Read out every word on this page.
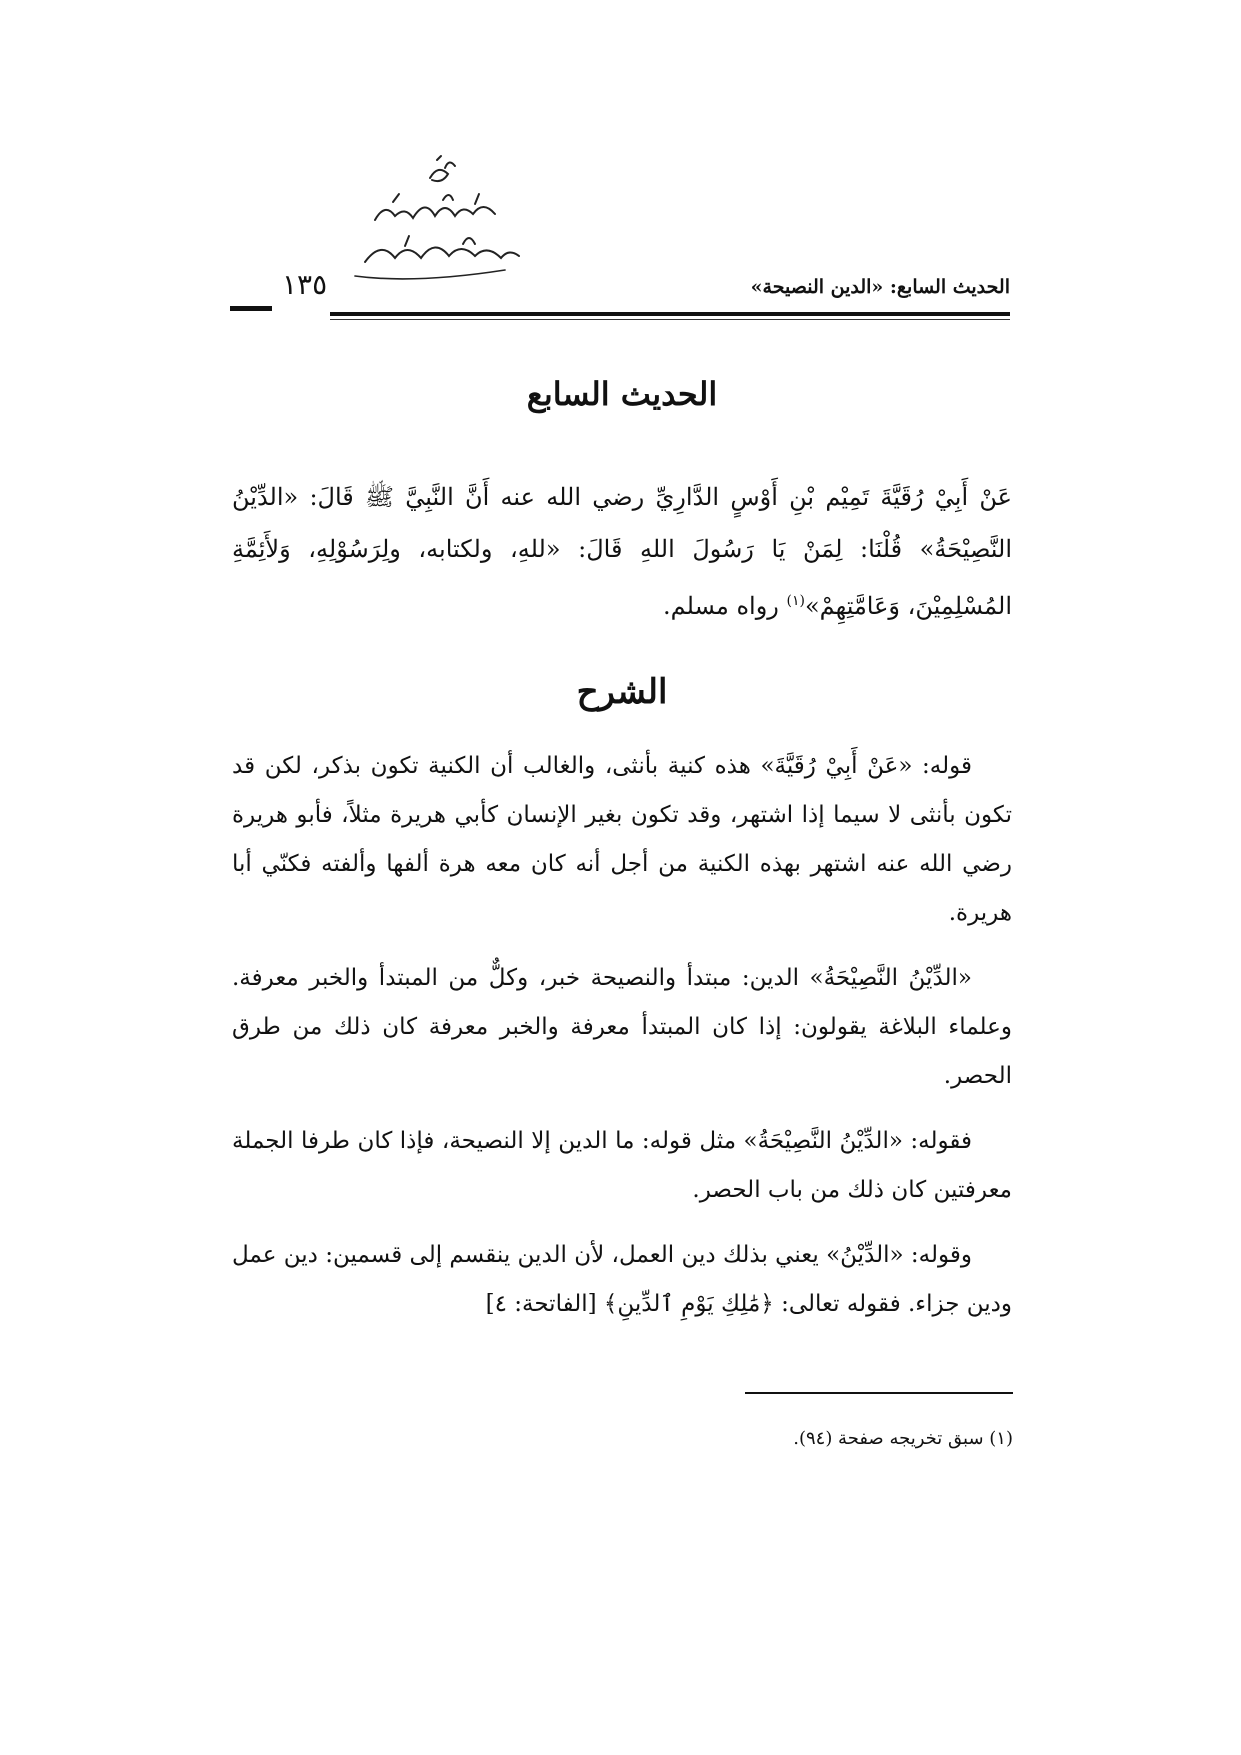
١٣٥	الحديث السابع: «الدين النصيحة»
الحديث السابع

عَنْ أَبِيْ رُقَيَّةَ تَمِيْم بْنِ أَوْسٍ الدَّارِيِّ رضي الله عنه أَنَّ النَّبِيَّ ﷺ قَالَ: «الدِّيْنُ النَّصِيْحَةُ» قُلْنَا: لِمَنْ يَا رَسُولَ اللهِ قَالَ: «للهِ، ولكتابه، ولِرَسُوْلِهِ، وَلأَئِمَّةِ المُسْلِمِيْنَ، وَعَامَّتِهِمْ»$^{(١)}$ رواه مسلم.

الشرح

قوله: «عَنْ أَبِيْ رُقَيَّةَ» هذه كنية بأنثى، والغالب أن الكنية تكون بذكر، لكن قد تكون بأنثى لا سيما إذا اشتهر، وقد تكون بغير الإنسان كأبي هريرة مثلاً، فأبو هريرة رضي الله عنه اشتهر بهذه الكنية من أجل أنه كان معه هرة ألفها وألفته فكنّي أبا هريرة.

«الدِّيْنُ النَّصِيْحَةُ» الدين: مبتدأ والنصيحة خبر، وكلٌّ من المبتدأ والخبر معرفة. وعلماء البلاغة يقولون: إذا كان المبتدأ معرفة والخبر معرفة كان ذلك من طرق الحصر.

فقوله: «الدِّيْنُ النَّصِيْحَةُ» مثل قوله: ما الدين إلا النصيحة، فإذا كان طرفا الجملة معرفتين كان ذلك من باب الحصر.

وقوله: «الدِّيْنُ» يعني بذلك دين العمل، لأن الدين ينقسم إلى قسمين: دين عمل ودين جزاء. فقوله تعالى: ﴿مَٰلِكِ يَوْمِ ٱلدِّينِ﴾ [الفاتحة: ٤]

(١) سبق تخريجه صفحة (٩٤).
